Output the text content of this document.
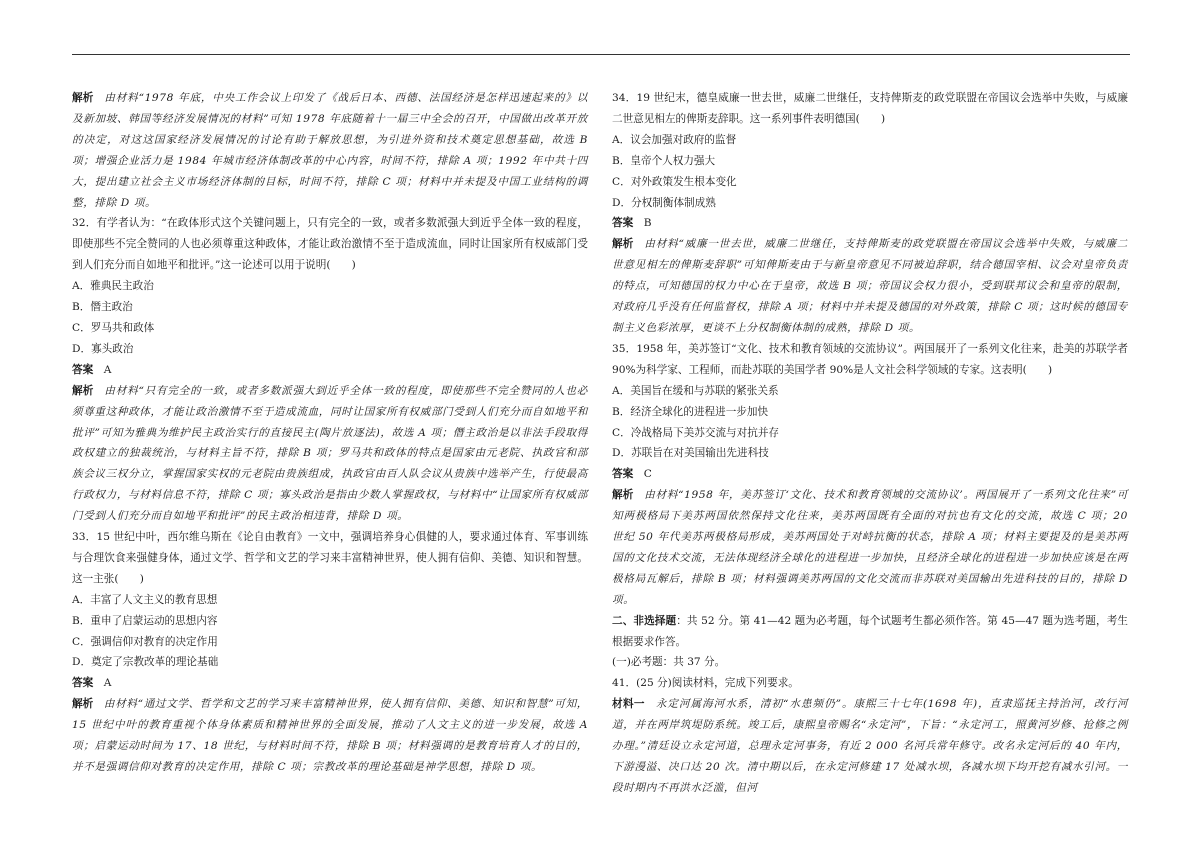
解析　 由材料“1978 年底，中央工作会议上印发了《战后日本、西德、法国经济是怎样迅速起来的》以及新加坡、韩国等经济发展情况的材料”可知 1978 年底随着十一届三中全会的召开，中国做出改革开放的决定，对这这国家经济发展情况的讨论有助于解放思想，为引进外资和技术奠定思想基础，故选 B 项；增强企业活力是 1984 年城市经济体制改革的中心内容，时间不符，排除 A 项；1992 年中共十四大，提出建立社会主义市场经济体制的目标，时间不符，排除 C 项；材料中并未提及中国工业结构的调整，排除 D 项。

32．有学者认为：“在政体形式这个关键问题上，只有完全的一致，或者多数派强大到近乎全体一致的程度，即使那些不完全赞同的人也必须尊重这种政体，才能让政治激情不至于造成流血，同时让国家所有权威部门受到人们充分而自如地平和批评。”这一论述可以用于说明(　　)

A．雅典民主政治

B．僭主政治

C．罗马共和政体

D．寡头政治

答案　 A

解析　 由材料“只有完全的一致，或者多数派强大到近乎全体一致的程度，即使那些不完全赞同的人也必须尊重这种政体，才能让政治激情不至于造成流血，同时让国家所有权威部门受到人们充分而自如地平和批评”可知为雅典为维护民主政治实行的直接民主(陶片放逐法)，故选 A 项；僭主政治是以非法手段取得政权建立的独裁统治，与材料主旨不符，排除 B 项；罗马共和政体的特点是国家由元老院、执政官和部族会议三权分立，掌握国家实权的元老院由贵族组成，执政官由百人队会议从贵族中选举产生，行使最高行政权力，与材料信息不符，排除 C 项；寡头政治是指由少数人掌握政权，与材料中“让国家所有权威部门受到人们充分而自如地平和批评”的民主政治相违背，排除 D 项。

33．15 世纪中叶，西尔维乌斯在《论自由教育》一文中，强调培养身心俱健的人，要求通过体育、军事训练与合理饮食来强健身体，通过文学、哲学和文艺的学习来丰富精神世界，使人拥有信仰、美德、知识和智慧。这一主张(　　)

A．丰富了人文主义的教育思想

B．重申了启蒙运动的思想内容

C．强调信仰对教育的决定作用

D．奠定了宗教改革的理论基础

答案　 A

解析　 由材料“通过文学、哲学和文艺的学习来丰富精神世界，使人拥有信仰、美德、知识和智慧”可知，15 世纪中叶的教育重视个体身体素质和精神世界的全面发展，推动了人文主义的进一步发展，故选 A 项；启蒙运动时间为 17、18 世纪，与材料时间不符，排除 B 项；材料强调的是教育培育人才的目的，并不是强调信仰对教育的决定作用，排除 C 项；宗教改革的理论基础是神学思想，排除 D 项。

34．19 世纪末，德皇威廉一世去世，威廉二世继任，支持俾斯麦的政党联盟在帝国议会选举中失败，与威廉二世意见相左的俾斯麦辞职。这一系列事件表明德国(　　)

A．议会加强对政府的监督

B．皇帝个人权力强大

C．对外政策发生根本变化

D．分权制衡体制成熟

答案　 B

解析　 由材料“威廉一世去世，威廉二世继任，支持俾斯麦的政党联盟在帝国议会选举中失败，与威廉二世意见相左的俾斯麦辞职”可知俾斯麦由于与新皇帝意见不同被迫辞职，结合德国宰相、议会对皇帝负责的特点，可知德国的权力中心在于皇帝，故选 B 项；帝国议会权力很小，受到联邦议会和皇帝的限制，对政府几乎没有任何监督权，排除 A 项；材料中并未提及德国的对外政策，排除 C 项；这时候的德国专制主义色彩浓厚，更谈不上分权制衡体制的成熟，排除 D 项。

35．1958 年，美苏签订“文化、技术和教育领域的交流协议”。两国展开了一系列文化往来，赴美的苏联学者 90%为科学家、工程师，而赴苏联的美国学者 90%是人文社会科学领域的专家。这表明(　　)

A．美国旨在缓和与苏联的紧张关系

B．经济全球化的进程进一步加快

C．冷战格局下美苏交流与对抗并存

D．苏联旨在对美国输出先进科技

答案　 C

解析　 由材料“1958 年，美苏签订‘文化、技术和教育领域的交流协议’。两国展开了一系列文化往来”可知两极格局下美苏两国依然保持文化往来，美苏两国既有全面的对抗也有文化的交流，故选 C 项；20 世纪 50 年代美苏两极格局形成，美苏两国处于对峙抗衡的状态，排除 A 项；材料主要提及的是美苏两国的文化技术交流，无法体现经济全球化的进程进一步加快，且经济全球化的进程进一步加快应该是在两极格局瓦解后，排除 B 项；材料强调美苏两国的文化交流而非苏联对美国输出先进科技的目的，排除 D 项。

二、非选择题：共 52 分。第 41—42 题为必考题，每个试题考生都必须作答。第 45—47 题为选考题，考生根据要求作答。

(一)必考题：共 37 分。

41．(25 分)阅读材料，完成下列要求。

材料一　 永定河属海河水系，清初“水患频仍”。康熙三十七年(1698 年)，直隶巡抚主持治河，改行河道，并在两岸筑堤防系统。竣工后，康熙皇帝赐名“永定河”，下旨：“永定河工，照黄河岁修、抢修之例办理。”清廷设立永定河道，总理永定河事务，有近 2 000 名河兵常年修守。改名永定河后的 40 年内，下游漫溢、决口达 20 次。清中期以后，在永定河修建 17 处减水坝，各减水坝下均开挖有减水引河。一段时期内不再洪水泛滥，但河
